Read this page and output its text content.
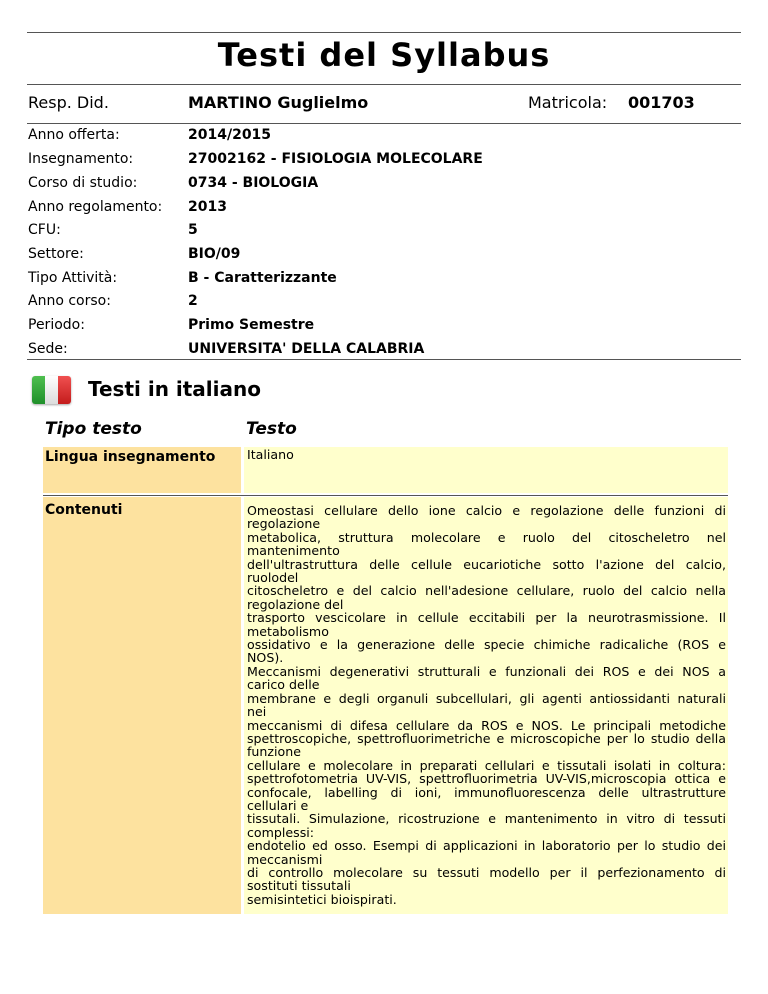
Testi del Syllabus
Resp. Did.	MARTINO Guglielmo	Matricola: 001703
Anno offerta:	2014/2015
Insegnamento:	27002162 - FISIOLOGIA MOLECOLARE
Corso di studio:	0734 - BIOLOGIA
Anno regolamento: 2013
CFU:	5
Settore:	BIO/09
Tipo Attività:	B - Caratterizzante
Anno corso:	2
Periodo:	Primo Semestre
Sede:	UNIVERSITA' DELLA CALABRIA
Testi in italiano
Tipo testo	Testo
Lingua insegnamento	Italiano
Contenuti	Omeostasi cellulare dello ione calcio e regolazione delle funzioni di
regolazione
metabolica, struttura molecolare e ruolo del citoscheletro nel
mantenimento
dell'ultrastruttura delle cellule eucariotiche sotto l'azione del calcio,
ruolodel
citoscheletro e del calcio nell'adesione cellulare, ruolo del calcio nella
regolazione del
trasporto vescicolare in cellule eccitabili per la neurotrasmissione. Il
metabolismo
ossidativo e la generazione delle specie chimiche radicaliche (ROS e
NOS).
Meccanismi degenerativi strutturali e funzionali dei ROS e dei NOS a
carico delle
membrane e degli organuli subcellulari, gli agenti antiossidanti naturali
nei
meccanismi di difesa cellulare da ROS e NOS. Le principali metodiche
spettroscopiche, spettrofluorimetriche e microscopiche per lo studio della
funzione
cellulare e molecolare in preparati cellulari e tissutali isolati in coltura:
spettrofotometria UV-VIS, spettrofluorimetria UV-VIS,microscopia ottica e
confocale, labelling di ioni, immunofluorescenza delle ultrastrutture
cellulari e
tissutali. Simulazione, ricostruzione e mantenimento in vitro di tessuti
complessi:
endotelio ed osso. Esempi di applicazioni in laboratorio per lo studio dei
meccanismi
di controllo molecolare su tessuti modello per il perfezionamento di
sostituti tissutali
semisintetici bioispirati.
